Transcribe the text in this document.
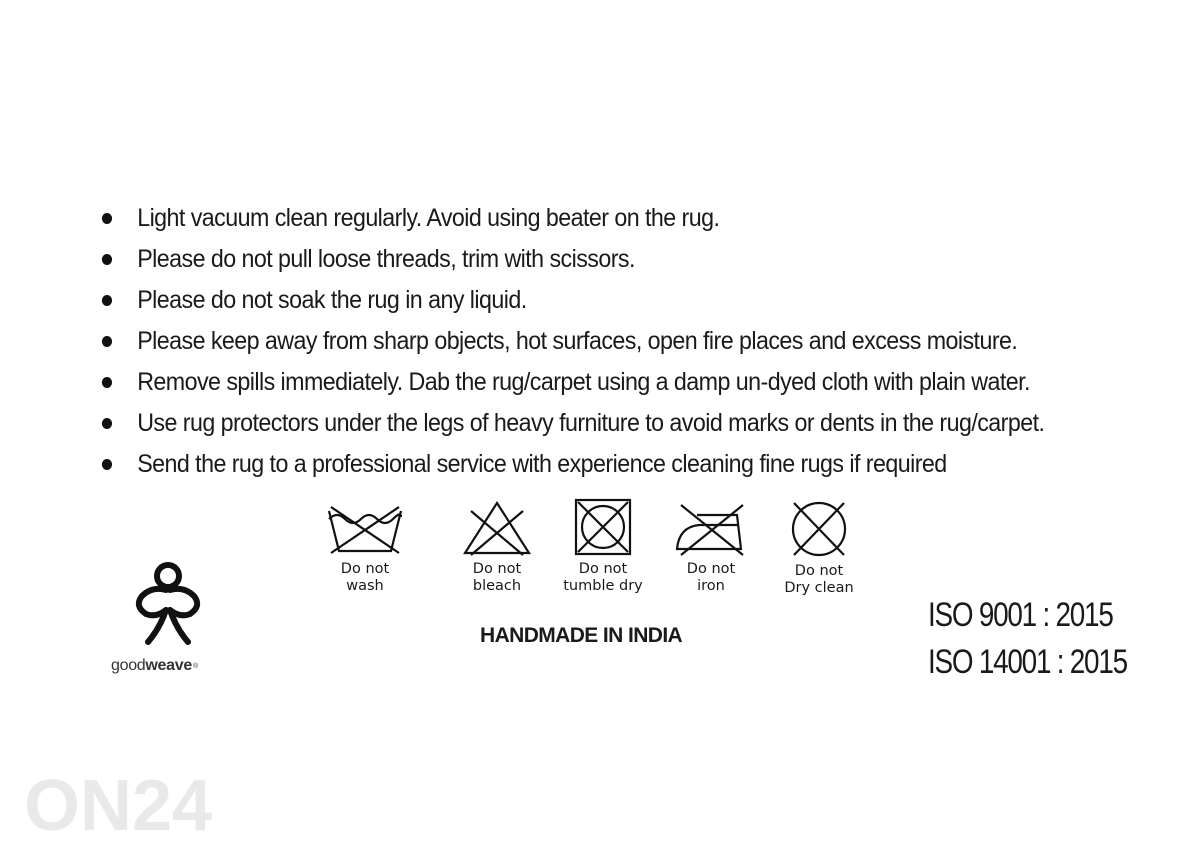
Light vacuum clean regularly. Avoid using beater on the rug.
Please do not pull loose threads, trim with scissors.
Please do not soak the rug in any liquid.
Please keep away from sharp objects, hot surfaces, open fire places and excess moisture.
Remove spills immediately. Dab the rug/carpet using a damp un-dyed cloth with plain water.
Use rug protectors under the legs of heavy furniture to avoid marks or dents in the rug/carpet.
Send the rug to a professional service with experience cleaning fine rugs if required
Do not
wash
Do not
bleach
Do not
tumble dry
Do not
iron
Do not
Dry clean
HANDMADE IN INDIA
ISO 9001 : 2015
ISO 14001 : 2015
goodweave®
ON24
